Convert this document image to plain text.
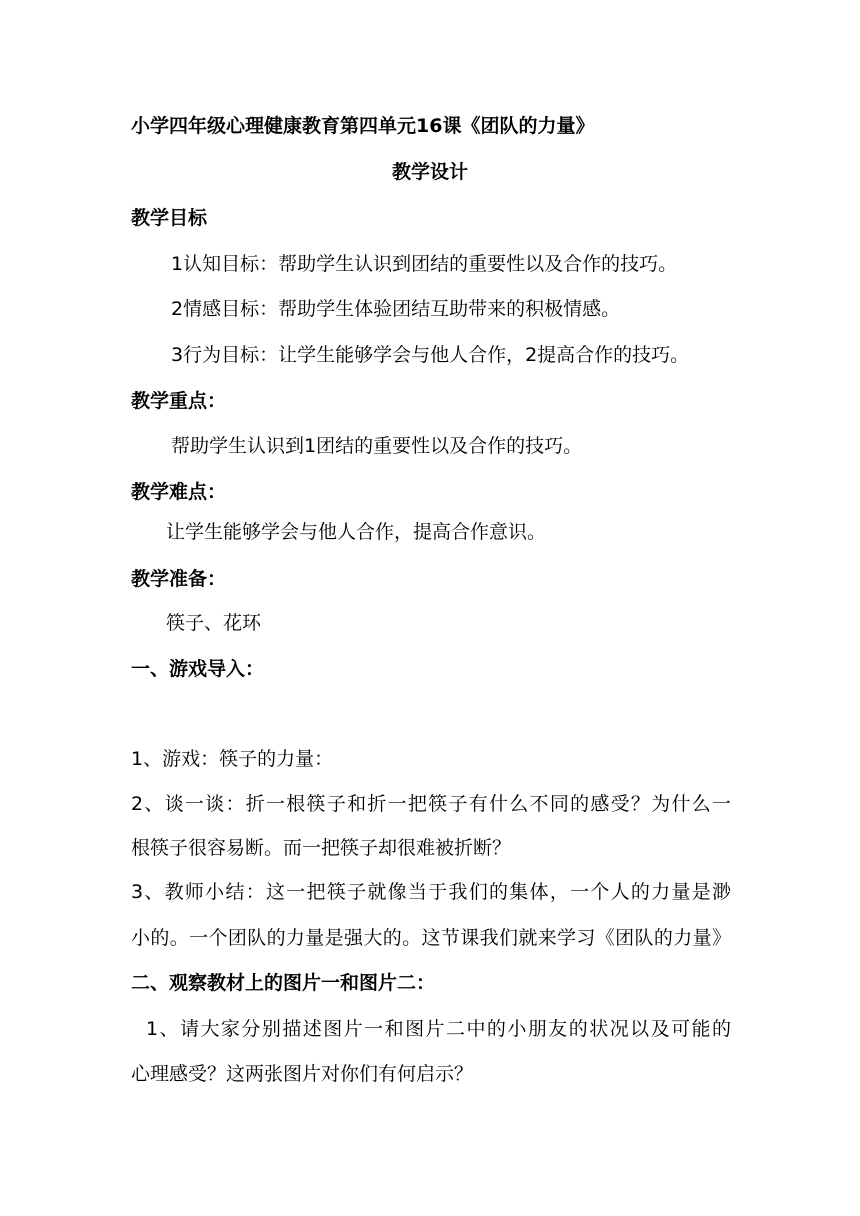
小学四年级心理健康教育第四单元16课《团队的力量》
教学设计
教学目标
1认知目标：帮助学生认识到团结的重要性以及合作的技巧。
2情感目标：帮助学生体验团结互助带来的积极情感。
3行为目标：让学生能够学会与他人合作，2提高合作的技巧。
教学重点：
帮助学生认识到1团结的重要性以及合作的技巧。
教学难点：
让学生能够学会与他人合作，提高合作意识。
教学准备：
筷子、花环
一、游戏导入：
1、游戏：筷子的力量：
2、谈一谈：折一根筷子和折一把筷子有什么不同的感受？为什么一
根筷子很容易断。而一把筷子却很难被折断？
3、教师小结：这一把筷子就像当于我们的集体，一个人的力量是渺
小的。一个团队的力量是强大的。这节课我们就来学习《团队的力量》
二、观察教材上的图片一和图片二：
1、请大家分别描述图片一和图片二中的小朋友的状况以及可能的
心理感受？这两张图片对你们有何启示？
